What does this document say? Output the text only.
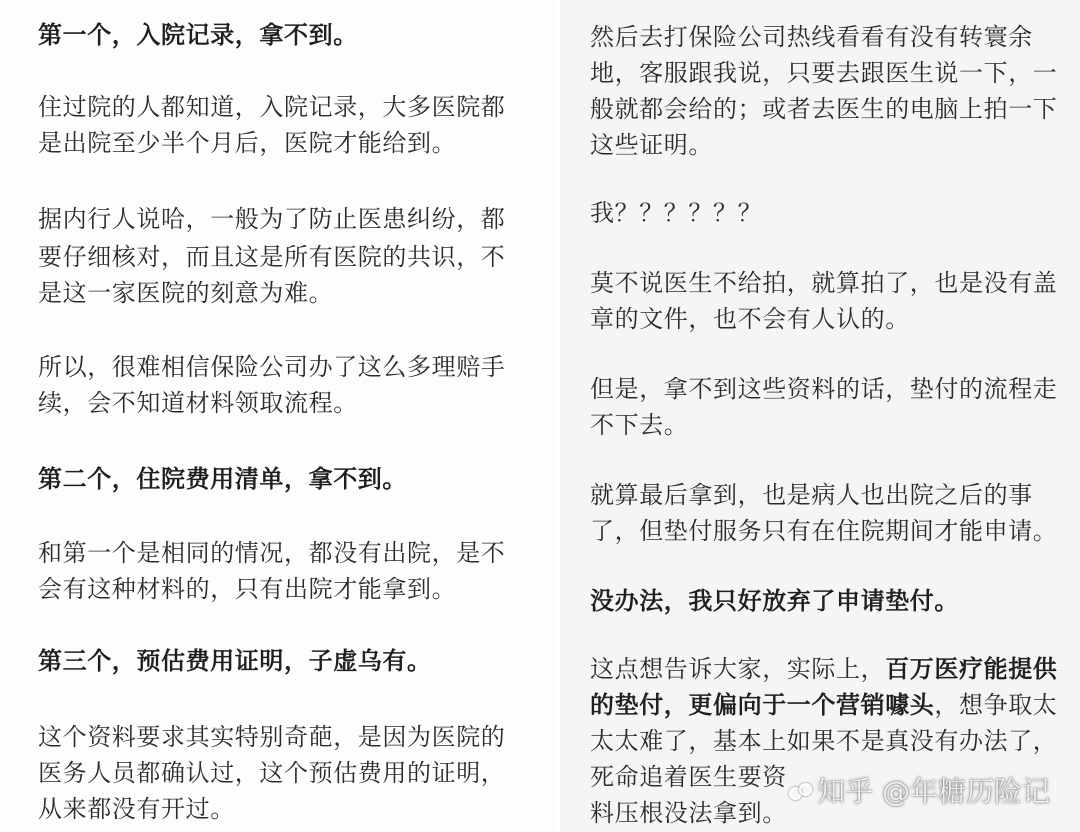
第一个，入院记录，拿不到。
住过院的人都知道，入院记录，大多医院都
是出院至少半个月后，医院才能给到。
据内行人说哈，一般为了防止医患纠纷，都
要仔细核对，而且这是所有医院的共识，不
是这一家医院的刻意为难。
所以，很难相信保险公司办了这么多理赔手
续，会不知道材料领取流程。
第二个，住院费用清单，拿不到。
和第一个是相同的情况，都没有出院，是不
会有这种材料的，只有出院才能拿到。
第三个，预估费用证明，子虚乌有。
这个资料要求其实特别奇葩，是因为医院的
医务人员都确认过，这个预估费用的证明，
从来都没有开过。
然后去打保险公司热线看看有没有转寰余
地，客服跟我说，只要去跟医生说一下，一
般就都会给的；或者去医生的电脑上拍一下
这些证明。
我？？？？？？
莫不说医生不给拍，就算拍了，也是没有盖
章的文件，也不会有人认的。
但是，拿不到这些资料的话，垫付的流程走
不下去。
就算最后拿到，也是病人也出院之后的事
了，但垫付服务只有在住院期间才能申请。
没办法，我只好放弃了申请垫付。
这点想告诉大家，实际上，百万医疗能提供
的垫付，更偏向于一个营销噱头，想争取太
太太难了，基本上如果不是真没有办法了，
死命追着医生要资
料压根没法拿到。
知乎 @年糖历险记
